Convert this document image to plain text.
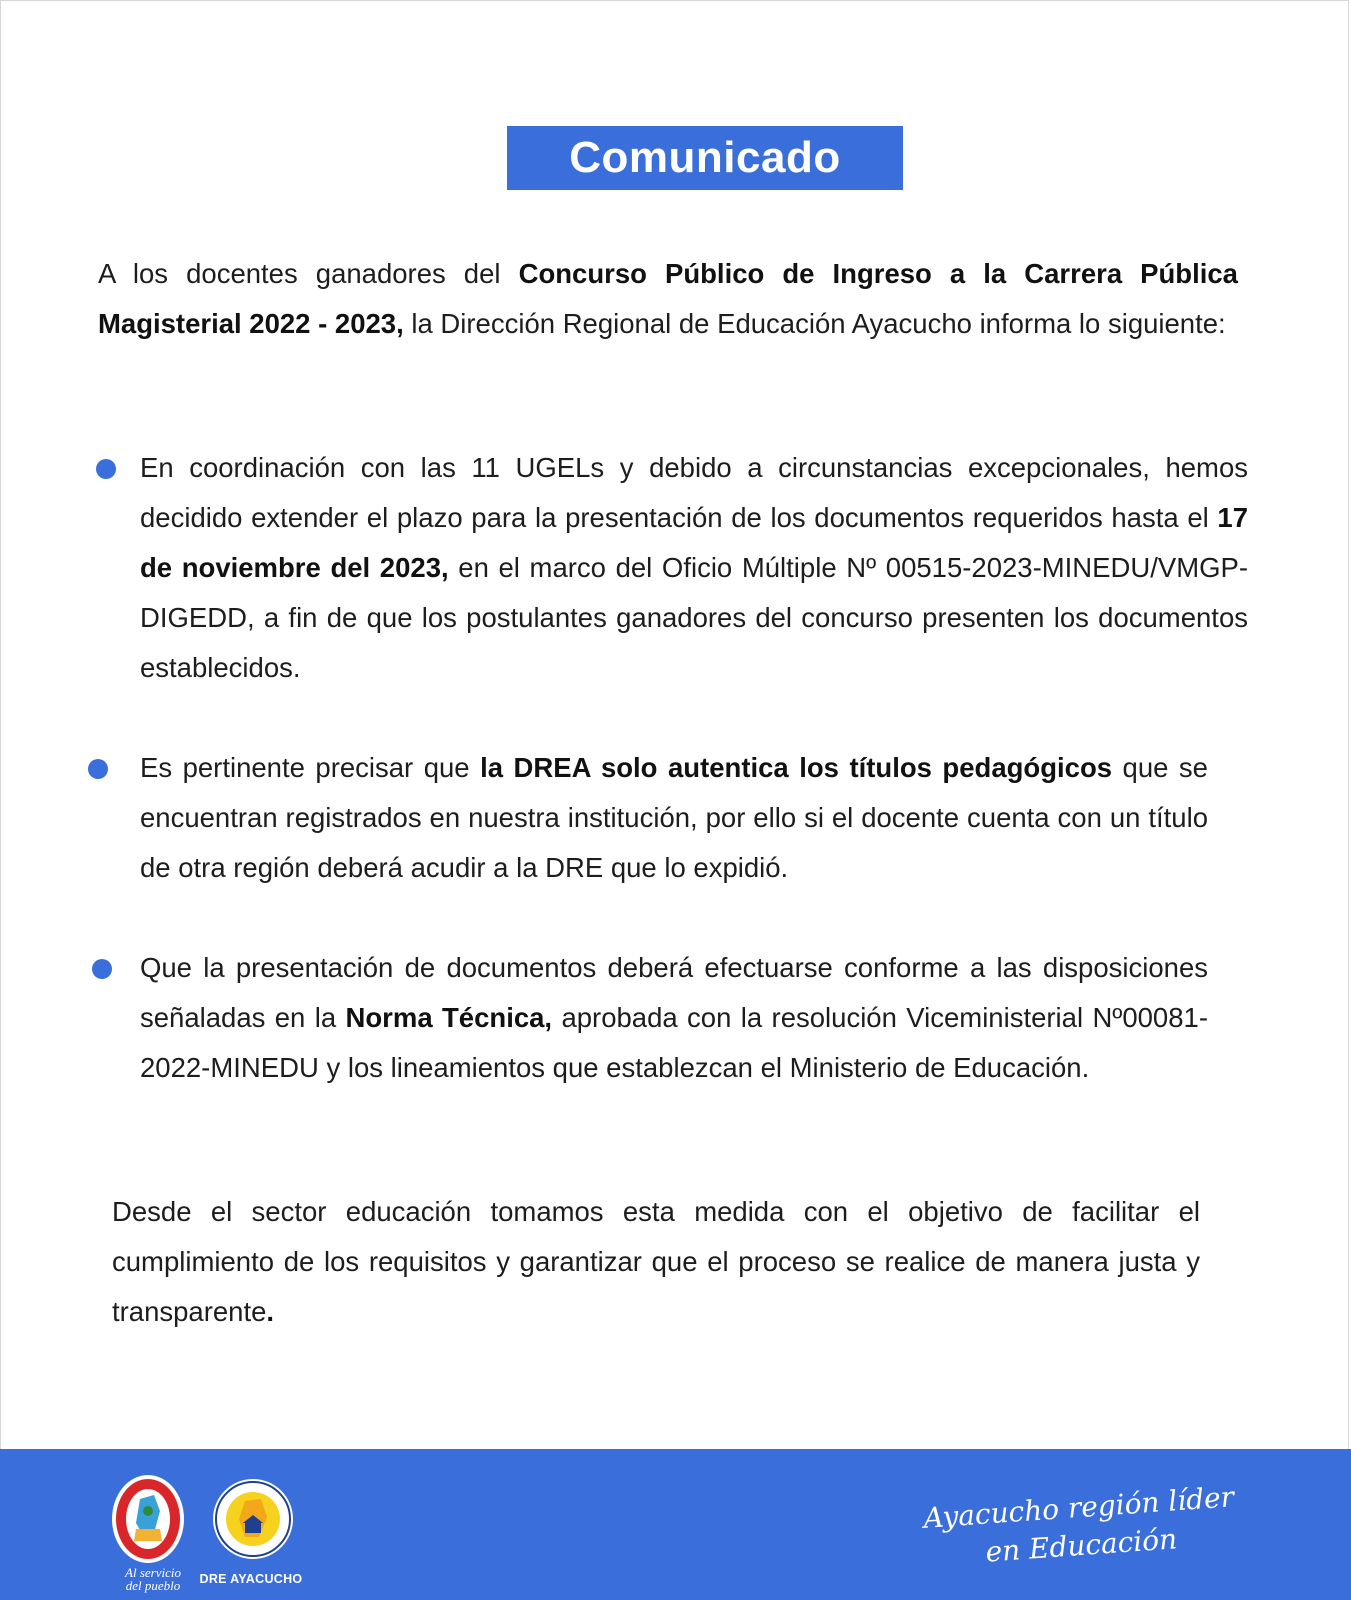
Comunicado

A los docentes ganadores del Concurso Público de Ingreso a la Carrera Pública Magisterial 2022 - 2023, la Dirección Regional de Educación Ayacucho informa lo siguiente:

En coordinación con las 11 UGELs y debido a circunstancias excepcionales, hemos decidido extender el plazo para la presentación de los documentos requeridos hasta el 17 de noviembre del 2023, en el marco del Oficio Múltiple Nº 00515-2023-MINEDU/VMGP-DIGEDD, a fin de que los postulantes ganadores del concurso presenten los documentos establecidos.

Es pertinente precisar que la DREA solo autentica los títulos pedagógicos que se encuentran registrados en nuestra institución, por ello si el docente cuenta con un título de otra región deberá acudir a la DRE que lo expidió.

Que la presentación de documentos deberá efectuarse conforme a las disposiciones señaladas en la Norma Técnica, aprobada con la resolución Viceministerial Nº00081-2022-MINEDU y los lineamientos que establezcan el Ministerio de Educación.

Desde el sector educación tomamos esta medida con el objetivo de facilitar el cumplimiento de los requisitos y garantizar que el proceso se realice de manera justa y transparente.

Al servicio
del pueblo	DRE AYACUCHO
Ayacucho región líder
en Educación
